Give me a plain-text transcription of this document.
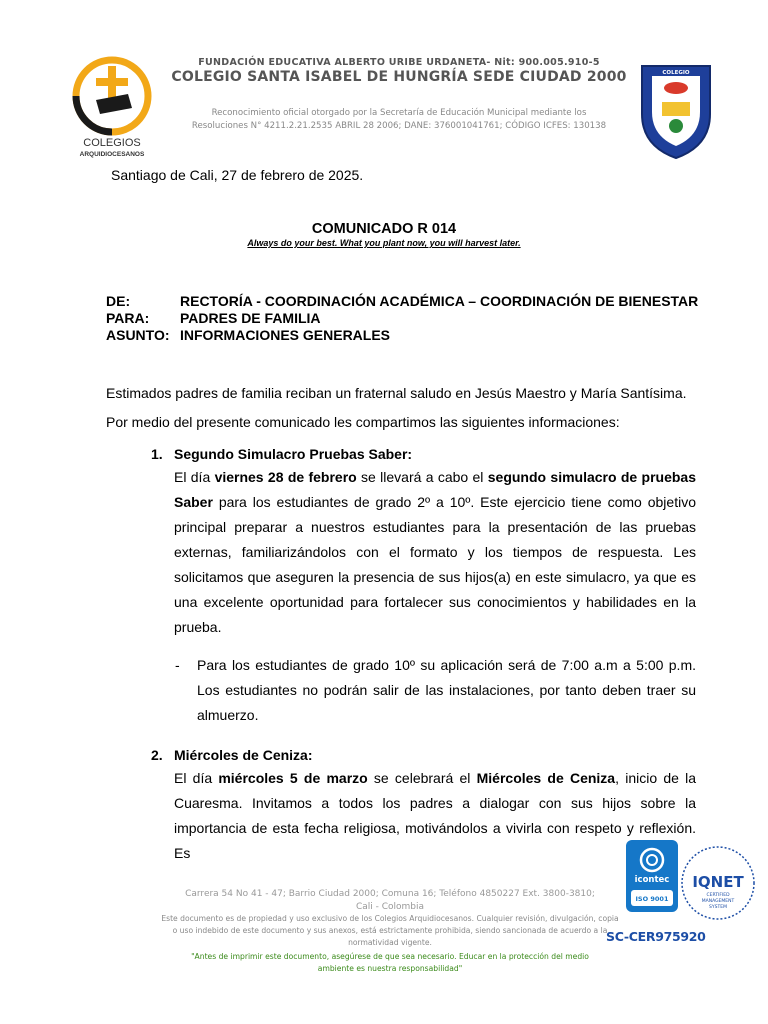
COLEGIOS
ARQUIDIOCESANOS
FUNDACIÓN EDUCATIVA ALBERTO URIBE URDANETA- Nit: 900.005.910-5
COLEGIO SANTA ISABEL DE HUNGRÍA SEDE CIUDAD 2000
Reconocimiento oficial otorgado por la Secretaría de Educación Municipal mediante los
Resoluciones N° 4211.2.21.2535 ABRIL 28 2006; DANE: 376001041761; CÓDIGO ICFES: 130138
COLEGIO
Santiago de Cali, 27 de febrero de 2025.
COMUNICADO R 014
Always do your best. What you plant now, you will harvest later.
DE:	RECTORÍA - COORDINACIÓN ACADÉMICA – COORDINACIÓN DE BIENESTAR
PARA: PADRES DE FAMILIA
ASUNTO: INFORMACIONES GENERALES
Estimados padres de familia reciban un fraternal saludo en Jesús Maestro y María Santísima.
Por medio del presente comunicado les compartimos las siguientes informaciones:
1. Segundo Simulacro Pruebas Saber:
El día viernes 28 de febrero se llevará a cabo el segundo simulacro de pruebas Saber para los estudiantes de grado 2º a 10º. Este ejercicio tiene como objetivo principal preparar a nuestros estudiantes para la presentación de las pruebas externas, familiarizándolos con el formato y los tiempos de respuesta. Les solicitamos que aseguren la presencia de sus hijos(a) en este simulacro, ya que es una excelente oportunidad para fortalecer sus conocimientos y habilidades en la prueba.
- Para los estudiantes de grado 10º su aplicación será de 7:00 a.m a 5:00 p.m. Los estudiantes no podrán salir de las instalaciones, por tanto deben traer su almuerzo.
2. Miércoles de Ceniza:
El día miércoles 5 de marzo se celebrará el Miércoles de Ceniza, inicio de la Cuaresma. Invitamos a todos los padres a dialogar con sus hijos sobre la importancia de esta fecha religiosa, motivándolos a vivirla con respeto y reflexión. Es
Carrera 54 No 41 - 47; Barrio Ciudad 2000; Comuna 16; Teléfono 4850227 Ext. 3800-3810;
Cali - Colombia
Este documento es de propiedad y uso exclusivo de los Colegios Arquidiocesanos. Cualquier revisión, divulgación, copia
o uso indebido de este documento y sus anexos, está estrictamente prohibida, siendo sancionada de acuerdo a la
normatividad vigente.
"Antes de imprimir este documento, asegúrese de que sea necesario. Educar en la protección del medio
ambiente es nuestra responsabilidad"
icontec
ISO 9001
IQNET
CERTIFIED
MANAGEMENT
SYSTEM
SC-CER975920
